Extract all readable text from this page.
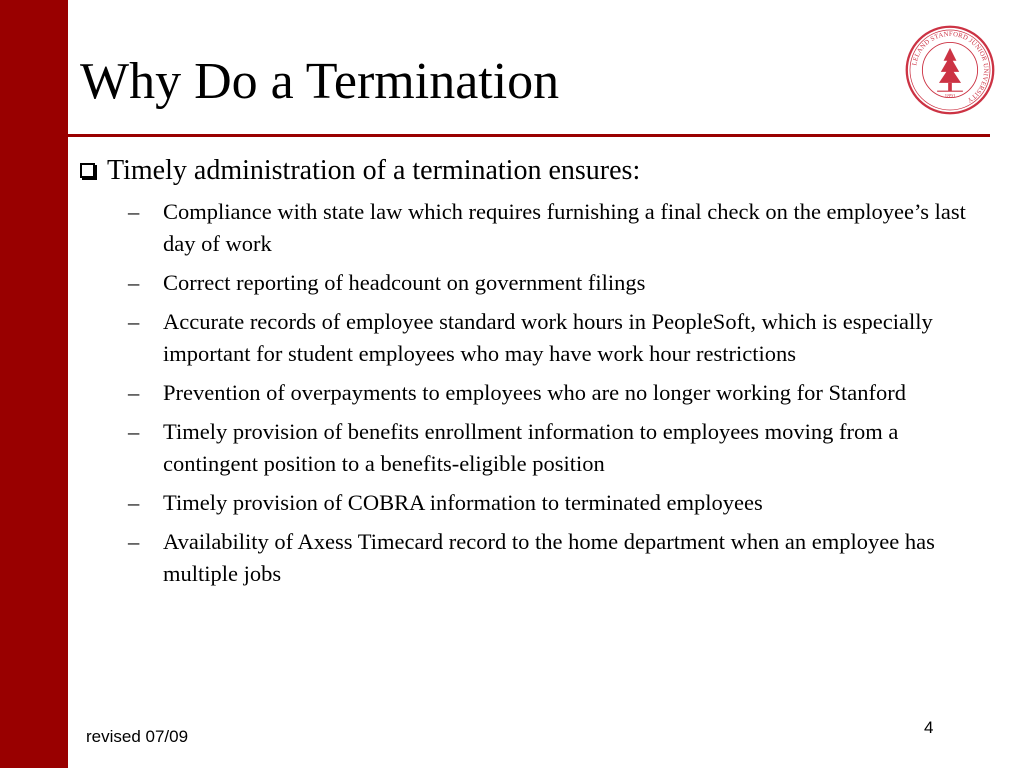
Why Do a Termination	LELAND STANFORD JUNIOR UNIVERSITY
1891

Timely administration of a termination ensures:

– Compliance with state law which requires furnishing a final check on the employee’s last day of work
– Correct reporting of headcount on government filings
– Accurate records of employee standard work hours in PeopleSoft, which is especially important for student employees who may have work hour restrictions
– Prevention of overpayments to employees who are no longer working for Stanford
– Timely provision of benefits enrollment information to employees moving from a contingent position to a benefits-eligible position
– Timely provision of COBRA information to terminated employees
– Availability of Axess Timecard record to the home department when an employee has multiple jobs
revised 07/09	4
